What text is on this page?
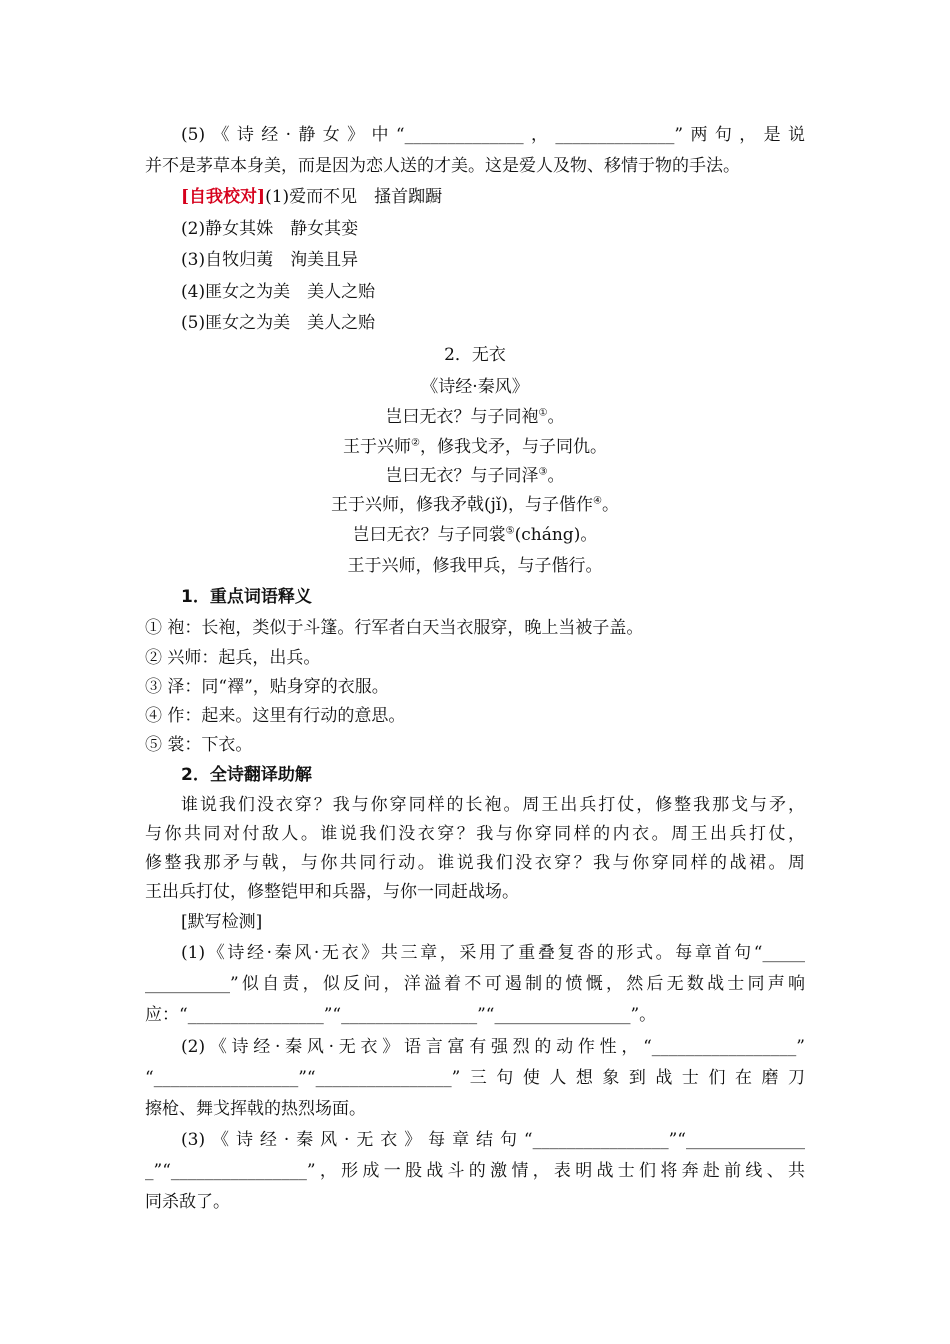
(5)《诗经·静女》中“______________，______________”两句，是说
并不是茅草本身美，而是因为恋人送的才美。这是爱人及物、移情于物的手法。
[自我校对](1)爱而不见　搔首踟蹰
(2)静女其姝　静女其娈
(3)自牧归荑　洵美且异
(4)匪女之为美　美人之贻
(5)匪女之为美　美人之贻
2．无衣
《诗经·秦风》
岂曰无衣？与子同袍①。
王于兴师②，修我戈矛，与子同仇。
岂曰无衣？与子同泽③。
王于兴师，修我矛戟(jǐ)，与子偕作④。
岂曰无衣？与子同裳⑤(cháng)。
王于兴师，修我甲兵，与子偕行。
1．重点词语释义
① 袍：长袍，类似于斗篷。行军者白天当衣服穿，晚上当被子盖。
② 兴师：起兵，出兵。
③ 泽：同“襗”，贴身穿的衣服。
④ 作：起来。这里有行动的意思。
⑤ 裳：下衣。
2．全诗翻译助解
谁说我们没衣穿？我与你穿同样的长袍。周王出兵打仗，修整我那戈与矛，
与你共同对付敌人。谁说我们没衣穿？我与你穿同样的内衣。周王出兵打仗，
修整我那矛与戟，与你共同行动。谁说我们没衣穿？我与你穿同样的战裙。周
王出兵打仗，修整铠甲和兵器，与你一同赶战场。
[默写检测]
(1)《诗经·秦风·无衣》共三章，采用了重叠复沓的形式。每章首句“_____
__________”似自责，似反问，洋溢着不可遏制的愤慨，然后无数战士同声响
应：“________________”“________________”“________________”。
(2)《诗经·秦风·无衣》语言富有强烈的动作性，“_________________”
“_________________”“________________”三句使人想象到战士们在磨刀
擦枪、舞戈挥戟的热烈场面。
(3)《诗经·秦风·无衣》每章结句“________________”“______________
_”“________________”，形成一股战斗的激情，表明战士们将奔赴前线、共
同杀敌了。
